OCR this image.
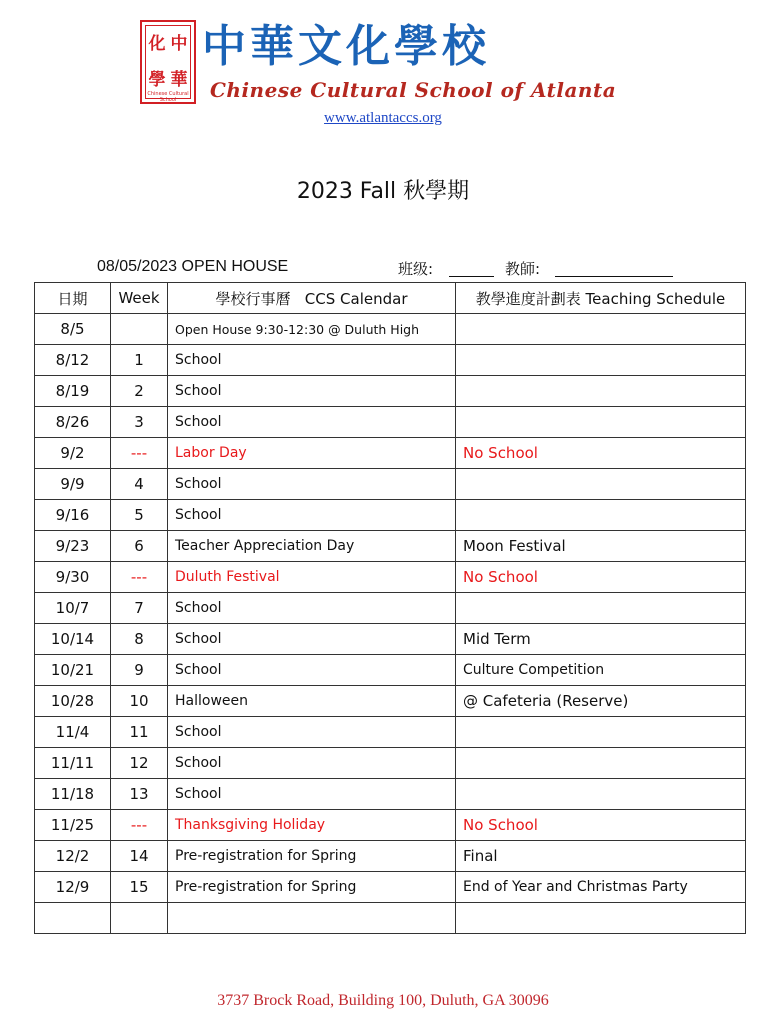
化 中
學 華
Chinese Cultural School
中華文化學校
Chinese Cultural School of Atlanta
www.atlantaccs.org
2023 Fall 秋學期
08/05/2023 OPEN HOUSE	班级:	教師:
日期	Week	學校行事曆   CCS Calendar	教學進度計劃表 Teaching Schedule
8/5		Open House 9:30-12:30 @ Duluth High	
8/12	1	School	
8/19	2	School	
8/26	3	School	
9/2	---	Labor Day	No School
9/9	4	School	
9/16	5	School	
9/23	6	Teacher Appreciation Day	Moon Festival
9/30	---	Duluth Festival	No School
10/7	7	School	
10/14	8	School	Mid Term
10/21	9	School	Culture Competition
10/28	10	Halloween	@ Cafeteria (Reserve)
11/4	11	School	
11/11	12	School	
11/18	13	School	
11/25	---	Thanksgiving Holiday	No School
12/2	14	Pre-registration for Spring	Final
12/9	15	Pre-registration for Spring	End of Year and Christmas Party

3737 Brock Road, Building 100, Duluth, GA 30096
